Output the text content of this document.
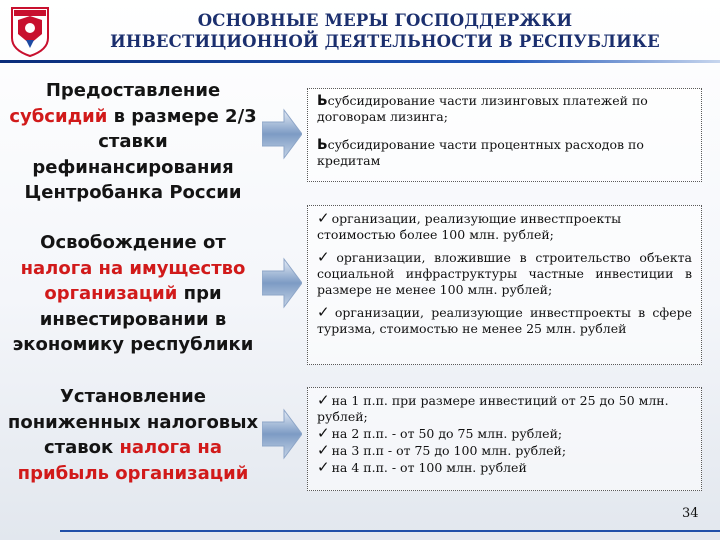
ОСНОВНЫЕ МЕРЫ ГОСПОДДЕРЖКИ
ИНВЕСТИЦИОННОЙ ДЕЯТЕЛЬНОСТИ В РЕСПУБЛИКЕ
Предоставление субсидий в размере 2/3 ставки рефинансирования Центробанка России

Ьсубсидирование части лизинговых платежей по договорам лизинга;

Ьсубсидирование части процентных расходов по кредитам

Освобождение от налога на имущество организаций при инвестировании в экономику республики

✓ организации, реализующие инвестпроекты стоимостью более 100 млн. рублей;

✓ организации, вложившие в строительство объекта социальной инфраструктуры частные инвестиции в размере не менее 100 млн. рублей;

✓ организации, реализующие инвестпроекты в сфере туризма, стоимостью не менее 25 млн. рублей

Установление пониженных налоговых ставок налога на прибыль организаций

✓ на 1 п.п. при размере инвестиций от 25 до 50 млн. рублей;

✓ на 2 п.п. - от 50 до 75 млн. рублей;

✓ на 3 п.п - от 75 до 100 млн. рублей;

✓ на 4 п.п. - от 100 млн. рублей

34
